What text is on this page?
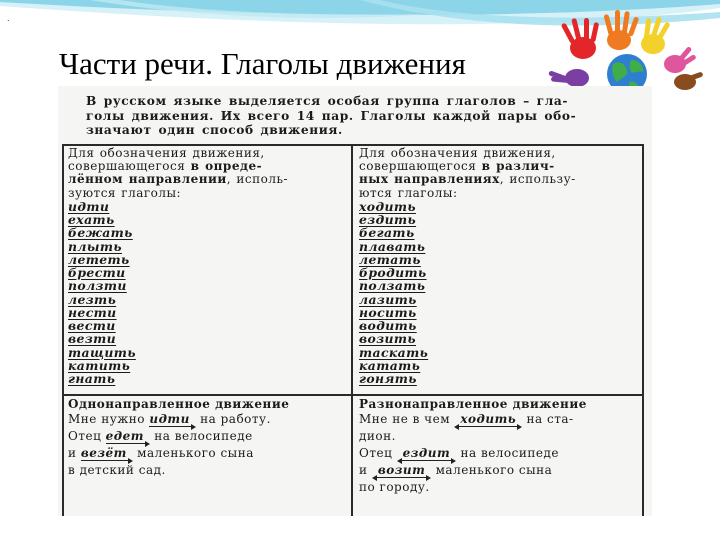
.
Части речи. Глаголы движения

В русском языке выделяется особая группа глаголов – гла-
голы движения. Их всего 14 пар. Глаголы каждой пары обо-
значают один способ движения.

Для обозначения движения,
совершающегося в опреде-
лённом направлении, исполь-
зуются глаголы:
идти
ехать
бежать
плыть
лететь
брести
ползти
лезть
нести
вести
везти
тащить
катить
гнать
Для обозначения движения,
совершающегося в различ-
ных направлениях, использу-
ются глаголы:
ходить
ездить
бегать
плавать
летать
бродить
ползать
лазить
носить
водить
возить
таскать
катать
гонять
Однонаправленное движение
Мне нужно идти на работу.
Отец едет на велосипеде
и везёт маленького сына
в детский сад.
Разнонаправленное движение
Мне не в чем
ходить на ста-
дион.
Отец
ездит на велосипеде
и
возит маленького сына
по городу.
